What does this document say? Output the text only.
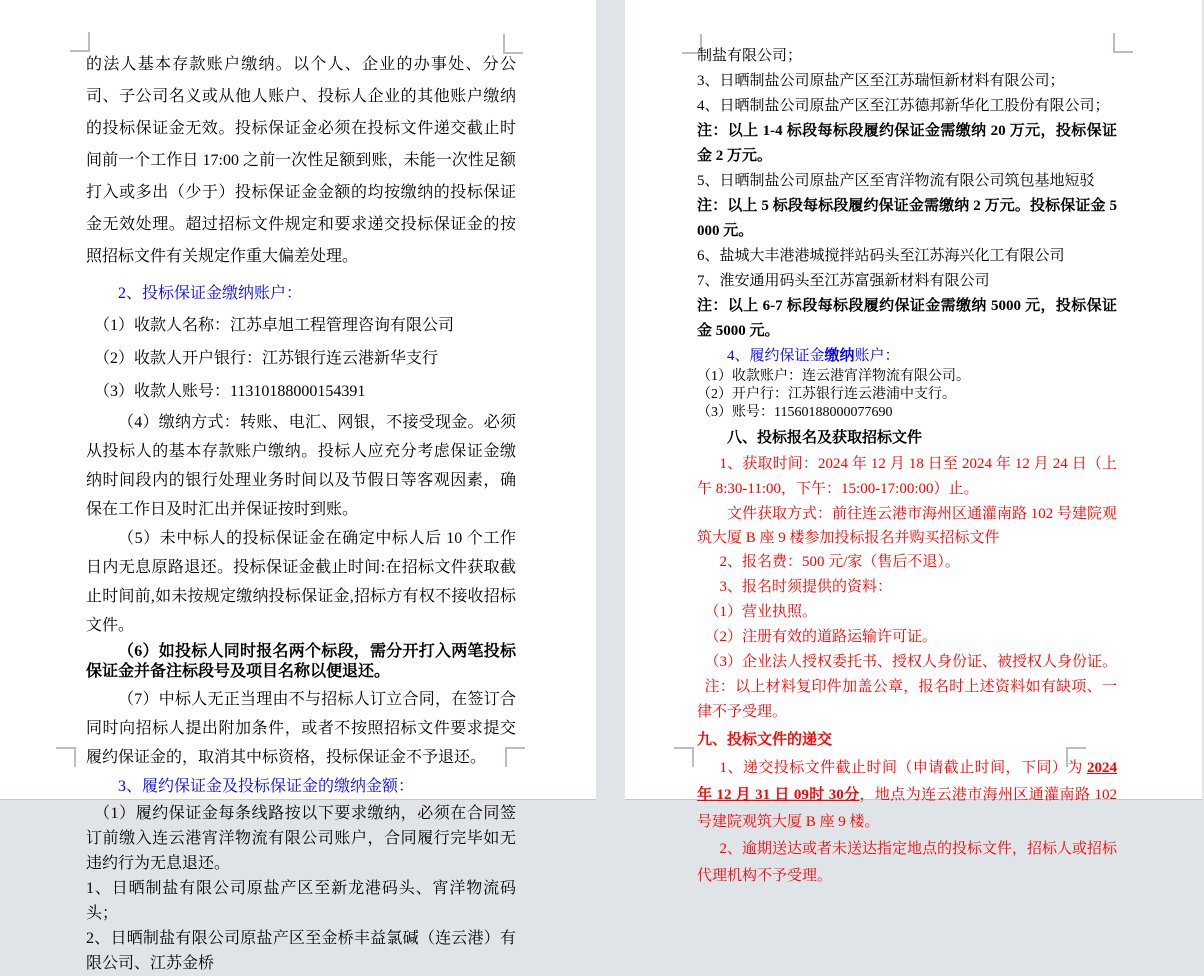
的法人基本存款账户缴纳。以个人、企业的办事处、分公司、子公司名义或从他人账户、投标人企业的其他账户缴纳的投标保证金无效。投标保证金必须在投标文件递交截止时间前一个工作日 17:00 之前一次性足额到账，未能一次性足额打入或多出（少于）投标保证金金额的均按缴纳的投标保证金无效处理。超过招标文件规定和要求递交投标保证金的按照招标文件有关规定作重大偏差处理。

2、投标保证金缴纳账户：

（1）收款人名称：江苏卓旭工程管理咨询有限公司

（2）收款人开户银行：江苏银行连云港新华支行

（3）收款人账号：11310188000154391

（4）缴纳方式：转账、电汇、网银，不接受现金。必须从投标人的基本存款账户缴纳。投标人应充分考虑保证金缴纳时间段内的银行处理业务时间以及节假日等客观因素，确保在工作日及时汇出并保证按时到账。

（5）未中标人的投标保证金在确定中标人后 10 个工作日内无息原路退还。投标保证金截止时间:在招标文件获取截止时间前,如未按规定缴纳投标保证金,招标方有权不接收招标文件。

（6）如投标人同时报名两个标段，需分开打入两笔投标保证金并备注标段号及项目名称以便退还。

（7）中标人无正当理由不与招标人订立合同，在签订合同时向招标人提出附加条件，或者不按照招标文件要求提交履约保证金的，取消其中标资格，投标保证金不予退还。

3、履约保证金及投标保证金的缴纳金额：

（1）履约保证金每条线路按以下要求缴纳，必须在合同签订前缴入连云港宵洋物流有限公司账户，合同履行完毕如无违约行为无息退还。

1、日晒制盐有限公司原盐产区至新龙港码头、宵洋物流码头；

2、日晒制盐有限公司原盐产区至金桥丰益氯碱（连云港）有限公司、江苏金桥

制盐有限公司；

3、日晒制盐公司原盐产区至江苏瑞恒新材料有限公司；

4、日晒制盐公司原盐产区至江苏德邦新华化工股份有限公司；

注：以上 1-4 标段每标段履约保证金需缴纳 20 万元，投标保证金 2 万元。

5、日晒制盐公司原盐产区至宵洋物流有限公司筑包基地短驳

注：以上 5 标段每标段履约保证金需缴纳 2 万元。投标保证金 5000 元。

6、盐城大丰港港城搅拌站码头至江苏海兴化工有限公司

7、淮安通用码头至江苏富强新材料有限公司

注：以上 6-7 标段每标段履约保证金需缴纳 5000 元，投标保证金 5000 元。

4、履约保证金缴纳账户：

（1）收款账户：连云港宵洋物流有限公司。

（2）开户行：江苏银行连云港浦中支行。

（3）账号：11560188000077690

八、投标报名及获取招标文件

1、获取时间：2024 年 12 月 18 日至 2024 年 12 月 24 日（上午 8:30-11:00，下午：15:00-17:00:00）止。

文件获取方式：前往连云港市海州区通灌南路 102 号建院观筑大厦 B 座 9 楼参加投标报名并购买招标文件

2、报名费：500 元/家（售后不退）。

3、报名时须提供的资料：

（1）营业执照。

（2）注册有效的道路运输许可证。

（3）企业法人授权委托书、授权人身份证、被授权人身份证。

注：以上材料复印件加盖公章，报名时上述资料如有缺项、一律不予受理。

九、投标文件的递交

1、递交投标文件截止时间（申请截止时间，下同）为 2024年 12 月 31 日 09时 30分，地点为连云港市海州区通灌南路 102 号建院观筑大厦 B 座 9 楼。

2、逾期送达或者未送达指定地点的投标文件，招标人或招标代理机构不予受理。
